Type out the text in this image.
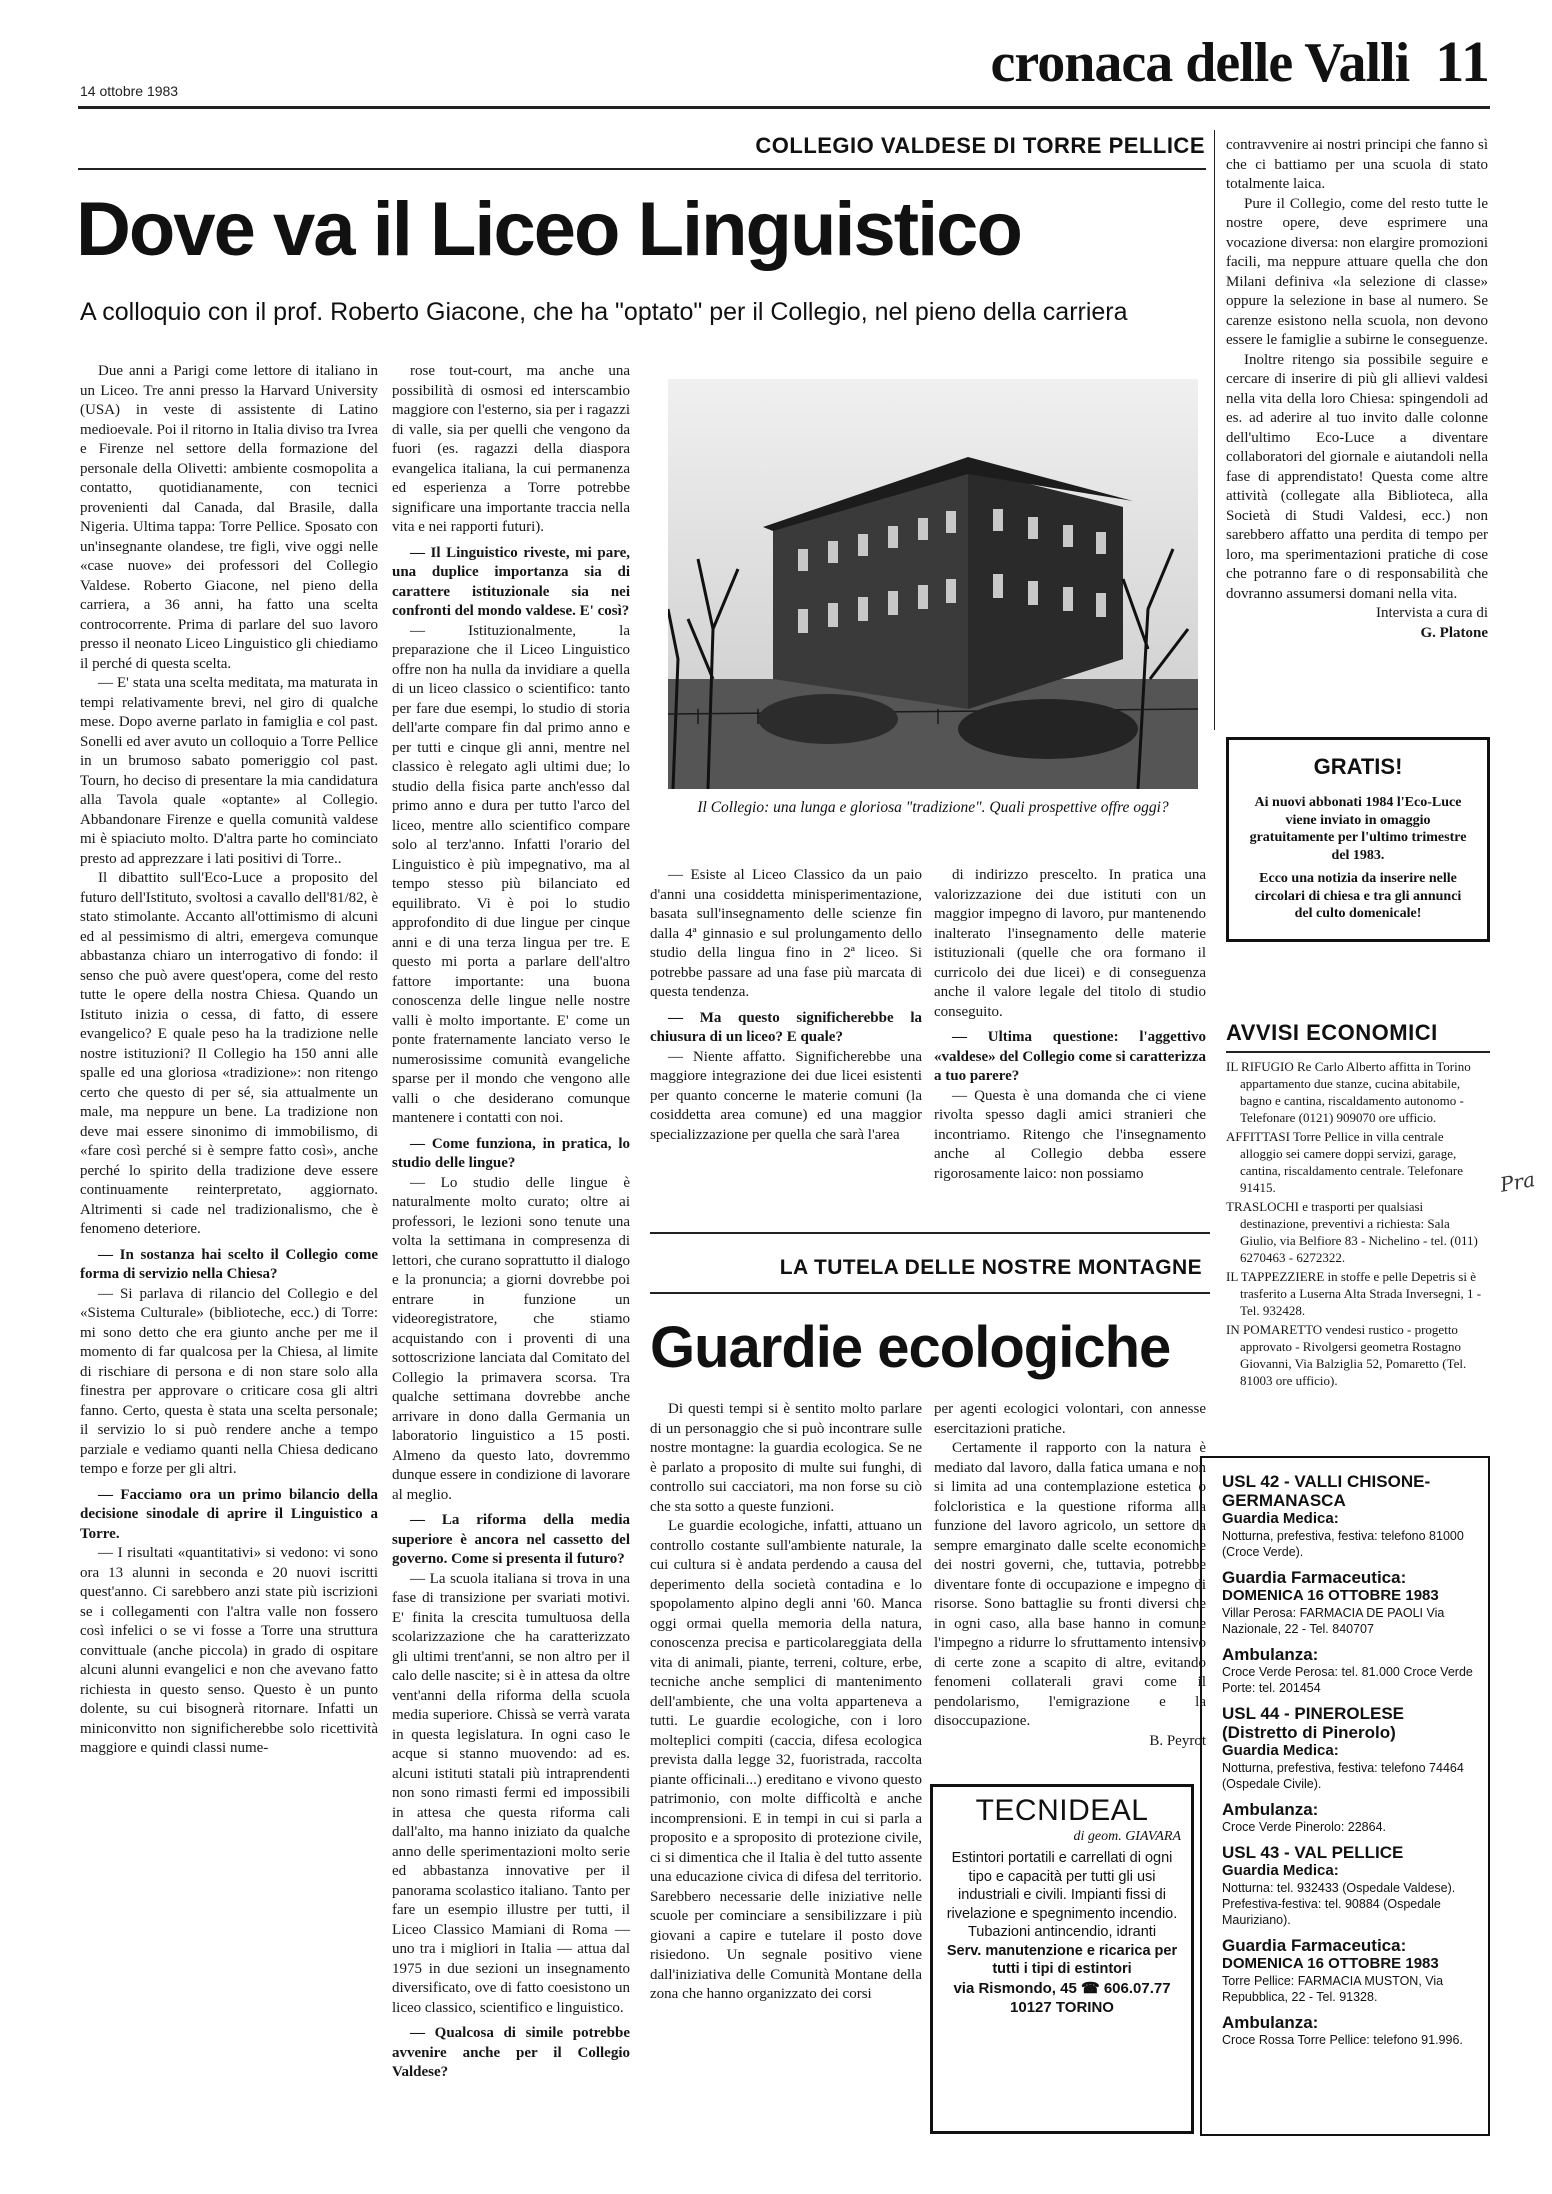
14 ottobre 1983	cronaca delle Valli 11
COLLEGIO VALDESE DI TORRE PELLICE
Dove va il Liceo Linguistico
A colloquio con il prof. Roberto Giacone, che ha "optato" per il Collegio, nel pieno della carriera

Due anni a Parigi come lettore di italiano in un Liceo. Tre anni presso la Harvard University (USA) in veste di assistente di Latino medioevale. Poi il ritorno in Italia diviso tra Ivrea e Firenze nel settore della formazione del personale della Olivetti: ambiente cosmopolita a contatto, quotidianamente, con tecnici provenienti dal Canada, dal Brasile, dalla Nigeria. Ultima tappa: Torre Pellice. Sposato con un'insegnante olandese, tre figli, vive oggi nelle «case nuove» dei professori del Collegio Valdese. Roberto Giacone, nel pieno della carriera, a 36 anni, ha fatto una scelta controcorrente. Prima di parlare del suo lavoro presso il neonato Liceo Linguistico gli chiediamo il perché di questa scelta.

— E' stata una scelta meditata, ma maturata in tempi relativamente brevi, nel giro di qualche mese. Dopo averne parlato in famiglia e col past. Sonelli ed aver avuto un colloquio a Torre Pellice in un brumoso sabato pomeriggio col past. Tourn, ho deciso di presentare la mia candidatura alla Tavola quale «optante» al Collegio. Abbandonare Firenze e quella comunità valdese mi è spiaciuto molto. D'altra parte ho cominciato presto ad apprezzare i lati positivi di Torre..

Il dibattito sull'Eco-Luce a proposito del futuro dell'Istituto, svoltosi a cavallo dell'81/82, è stato stimolante. Accanto all'ottimismo di alcuni ed al pessimismo di altri, emergeva comunque abbastanza chiaro un interrogativo di fondo: il senso che può avere quest'opera, come del resto tutte le opere della nostra Chiesa. Quando un Istituto inizia o cessa, di fatto, di essere evangelico? E quale peso ha la tradizione nelle nostre istituzioni? Il Collegio ha 150 anni alle spalle ed una gloriosa «tradizione»: non ritengo certo che questo di per sé, sia attualmente un male, ma neppure un bene. La tradizione non deve mai essere sinonimo di immobilismo, di «fare così perché si è sempre fatto così», anche perché lo spirito della tradizione deve essere continuamente reinterpretato, aggiornato. Altrimenti si cade nel tradizionalismo, che è fenomeno deteriore.

— In sostanza hai scelto il Collegio come forma di servizio nella Chiesa?

— Si parlava di rilancio del Collegio e del «Sistema Culturale» (biblioteche, ecc.) di Torre: mi sono detto che era giunto anche per me il momento di far qualcosa per la Chiesa, al limite di rischiare di persona e di non stare solo alla finestra per approvare o criticare cosa gli altri fanno. Certo, questa è stata una scelta personale; il servizio lo si può rendere anche a tempo parziale e vediamo quanti nella Chiesa dedicano tempo e forze per gli altri.

— Facciamo ora un primo bilancio della decisione sinodale di aprire il Linguistico a Torre.

— I risultati «quantitativi» si vedono: vi sono ora 13 alunni in seconda e 20 nuovi iscritti quest'anno. Ci sarebbero anzi state più iscrizioni se i collegamenti con l'altra valle non fossero così infelici o se vi fosse a Torre una struttura convittuale (anche piccola) in grado di ospitare alcuni alunni evangelici e non che avevano fatto richiesta in questo senso. Questo è un punto dolente, su cui bisognerà ritornare. Infatti un miniconvitto non significherebbe solo ricettività maggiore e quindi classi nume-

rose tout-court, ma anche una possibilità di osmosi ed interscambio maggiore con l'esterno, sia per i ragazzi di valle, sia per quelli che vengono da fuori (es. ragazzi della diaspora evangelica italiana, la cui permanenza ed esperienza a Torre potrebbe significare una importante traccia nella vita e nei rapporti futuri).

— Il Linguistico riveste, mi pare, una duplice importanza sia di carattere istituzionale sia nei confronti del mondo valdese. E' così?

— Istituzionalmente, la preparazione che il Liceo Linguistico offre non ha nulla da invidiare a quella di un liceo classico o scientifico: tanto per fare due esempi, lo studio di storia dell'arte compare fin dal primo anno e per tutti e cinque gli anni, mentre nel classico è relegato agli ultimi due; lo studio della fisica parte anch'esso dal primo anno e dura per tutto l'arco del liceo, mentre allo scientifico compare solo al terz'anno. Infatti l'orario del Linguistico è più impegnativo, ma al tempo stesso più bilanciato ed equilibrato. Vi è poi lo studio approfondito di due lingue per cinque anni e di una terza lingua per tre. E questo mi porta a parlare dell'altro fattore importante: una buona conoscenza delle lingue nelle nostre valli è molto importante. E' come un ponte fraternamente lanciato verso le numerosissime comunità evangeliche sparse per il mondo che vengono alle valli o che desiderano comunque mantenere i contatti con noi.

— Come funziona, in pratica, lo studio delle lingue?

— Lo studio delle lingue è naturalmente molto curato; oltre ai professori, le lezioni sono tenute una volta la settimana in compresenza di lettori, che curano soprattutto il dialogo e la pronuncia; a giorni dovrebbe poi entrare in funzione un videoregistratore, che stiamo acquistando con i proventi di una sottoscrizione lanciata dal Comitato del Collegio la primavera scorsa. Tra qualche settimana dovrebbe anche arrivare in dono dalla Germania un laboratorio linguistico a 15 posti. Almeno da questo lato, dovremmo dunque essere in condizione di lavorare al meglio.

— La riforma della media superiore è ancora nel cassetto del governo. Come si presenta il futuro?

— La scuola italiana si trova in una fase di transizione per svariati motivi. E' finita la crescita tumultuosa della scolarizzazione che ha caratterizzato gli ultimi trent'anni, se non altro per il calo delle nascite; si è in attesa da oltre vent'anni della riforma della scuola media superiore. Chissà se verrà varata in questa legislatura. In ogni caso le acque si stanno muovendo: ad es. alcuni istituti statali più intraprendenti non sono rimasti fermi ed impossibili in attesa che questa riforma cali dall'alto, ma hanno iniziato da qualche anno delle sperimentazioni molto serie ed abbastanza innovative per il panorama scolastico italiano. Tanto per fare un esempio illustre per tutti, il Liceo Classico Mamiani di Roma — uno tra i migliori in Italia — attua dal 1975 in due sezioni un insegnamento diversificato, ove di fatto coesistono un liceo classico, scientifico e linguistico.

— Qualcosa di simile potrebbe avvenire anche per il Collegio Valdese?

Il Collegio: una lunga e gloriosa "tradizione". Quali prospettive offre oggi?

— Esiste al Liceo Classico da un paio d'anni una cosiddetta minisperimentazione, basata sull'insegnamento delle scienze fin dalla 4ª ginnasio e sul prolungamento dello studio della lingua fino in 2ª liceo. Si potrebbe passare ad una fase più marcata di questa tendenza.

— Ma questo significherebbe la chiusura di un liceo? E quale?

— Niente affatto. Significherebbe una maggiore integrazione dei due licei esistenti per quanto concerne le materie comuni (la cosiddetta area comune) ed una maggior specializzazione per quella che sarà l'area

di indirizzo prescelto. In pratica una valorizzazione dei due istituti con un maggior impegno di lavoro, pur mantenendo inalterato l'insegnamento delle materie istituzionali (quelle che ora formano il curricolo dei due licei) e di conseguenza anche il valore legale del titolo di studio conseguito.

— Ultima questione: l'aggettivo «valdese» del Collegio come si caratterizza a tuo parere?

— Questa è una domanda che ci viene rivolta spesso dagli amici stranieri che incontriamo. Ritengo che l'insegnamento anche al Collegio debba essere rigorosamente laico: non possiamo

contravvenire ai nostri principi che fanno sì che ci battiamo per una scuola di stato totalmente laica.

Pure il Collegio, come del resto tutte le nostre opere, deve esprimere una vocazione diversa: non elargire promozioni facili, ma neppure attuare quella che don Milani definiva «la selezione di classe» oppure la selezione in base al numero. Se carenze esistono nella scuola, non devono essere le famiglie a subirne le conseguenze.

Inoltre ritengo sia possibile seguire e cercare di inserire di più gli allievi valdesi nella vita della loro Chiesa: spingendoli ad es. ad aderire al tuo invito dalle colonne dell'ultimo Eco-Luce a diventare collaboratori del giornale e aiutandoli nella fase di apprendistato! Questa come altre attività (collegate alla Biblioteca, alla Società di Studi Valdesi, ecc.) non sarebbero affatto una perdita di tempo per loro, ma sperimentazioni pratiche di cose che potranno fare o di responsabilità che dovranno assumersi domani nella vita.

Intervista a cura di

G. Platone

GRATIS!
Ai nuovi abbonati 1984 l'Eco-Luce viene inviato in omaggio gratuitamente per l'ultimo trimestre del 1983.
Ecco una notizia da inserire nelle circolari di chiesa e tra gli annunci del culto domenicale!
AVVISI ECONOMICI

IL RIFUGIO Re Carlo Alberto affitta in Torino appartamento due stanze, cucina abitabile, bagno e cantina, riscaldamento autonomo - Telefonare (0121) 909070 ore ufficio.

AFFITTASI Torre Pellice in villa centrale alloggio sei camere doppi servizi, garage, cantina, riscaldamento centrale. Telefonare 91415.

TRASLOCHI e trasporti per qualsiasi destinazione, preventivi a richiesta: Sala Giulio, via Belfiore 83 - Nichelino - tel. (011) 6270463 - 6272322.

IL TAPPEZZIERE in stoffe e pelle Depetris si è trasferito a Luserna Alta Strada Inversegni, 1 - Tel. 932428.

IN POMARETTO vendesi rustico - progetto approvato - Rivolgersi geometra Rostagno Giovanni, Via Balziglia 52, Pomaretto (Tel. 81003 ore ufficio).

USL 42 - VALLI CHISONE-GERMANASCA
Guardia Medica:
Notturna, prefestiva, festiva: telefono 81000 (Croce Verde).
Guardia Farmaceutica:
DOMENICA 16 OTTOBRE 1983
Villar Perosa: FARMACIA DE PAOLI Via Nazionale, 22 - Tel. 840707
Ambulanza:
Croce Verde Perosa: tel. 81.000 Croce Verde Porte: tel. 201454
USL 44 - PINEROLESE (Distretto di Pinerolo)
Guardia Medica:
Notturna, prefestiva, festiva: telefono 74464 (Ospedale Civile).
Ambulanza:
Croce Verde Pinerolo: 22864.
USL 43 - VAL PELLICE
Guardia Medica:
Notturna: tel. 932433 (Ospedale Valdese). Prefestiva-festiva: tel. 90884 (Ospedale Mauriziano).
Guardia Farmaceutica:
DOMENICA 16 OTTOBRE 1983
Torre Pellice: FARMACIA MUSTON, Via Repubblica, 22 - Tel. 91328.
Ambulanza:
Croce Rossa Torre Pellice: telefono 91.996.
Pra
LA TUTELA DELLE NOSTRE MONTAGNE
Guardie ecologiche

Di questi tempi si è sentito molto parlare di un personaggio che si può incontrare sulle nostre montagne: la guardia ecologica. Se ne è parlato a proposito di multe sui funghi, di controllo sui cacciatori, ma non forse su ciò che sta sotto a queste funzioni.

Le guardie ecologiche, infatti, attuano un controllo costante sull'ambiente naturale, la cui cultura si è andata perdendo a causa del deperimento della società contadina e lo spopolamento alpino degli anni '60. Manca oggi ormai quella memoria della natura, conoscenza precisa e particolareggiata della vita di animali, piante, terreni, colture, erbe, tecniche anche semplici di mantenimento dell'ambiente, che una volta apparteneva a tutti. Le guardie ecologiche, con i loro molteplici compiti (caccia, difesa ecologica prevista dalla legge 32, fuoristrada, raccolta piante officinali...) ereditano e vivono questo patrimonio, con molte difficoltà e anche incomprensioni. E in tempi in cui si parla a proposito e a sproposito di protezione civile, ci si dimentica che il Italia è del tutto assente una educazione civica di difesa del territorio. Sarebbero necessarie delle iniziative nelle scuole per cominciare a sensibilizzare i più giovani a capire e tutelare il posto dove risiedono. Un segnale positivo viene dall'iniziativa delle Comunità Montane della zona che hanno organizzato dei corsi

per agenti ecologici volontari, con annesse esercitazioni pratiche.

Certamente il rapporto con la natura è mediato dal lavoro, dalla fatica umana e non si limita ad una contemplazione estetica o folcloristica e la questione riforma alla funzione del lavoro agricolo, un settore da sempre emarginato dalle scelte economiche dei nostri governi, che, tuttavia, potrebbe diventare fonte di occupazione e impegno di risorse. Sono battaglie su fronti diversi che in ogni caso, alla base hanno in comune l'impegno a ridurre lo sfruttamento intensivo di certe zone a scapito di altre, evitando fenomeni collaterali gravi come il pendolarismo, l'emigrazione e la disoccupazione.

B. Peyrot

TECNIDEAL
di geom. GIAVARA
Estintori portatili e carrellati di ogni tipo e capacità per tutti gli usi industriali e civili. Impianti fissi di rivelazione e spegnimento incendio. Tubazioni antincendio, idranti
Serv. manutenzione e ricarica per tutti i tipi di estintori
via Rismondo, 45 ☎ 606.07.77
10127 TORINO
